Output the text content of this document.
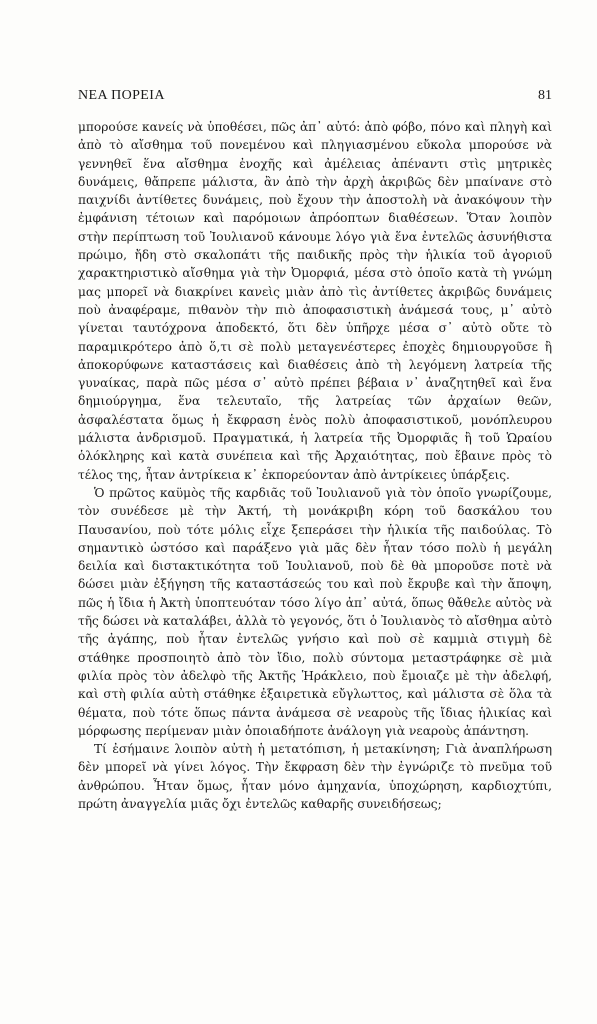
ΝΕΑ ΠΟΡΕΙΑ	81

μπορούσε κανείς νὰ ὑποθέσει, πῶς ἀπ᾽ αὐτό: ἀπὸ φόβο, πόνο καὶ πληγὴ καὶ ἀπὸ τὸ αἴσθημα τοῦ πονεμένου καὶ πληγιασμένου εὔκολα μπορούσε νὰ γεννηθεῖ ἕνα αἴσθημα ἐνοχῆς καὶ ἀμέλειας ἀπέναντι στὶς μητρικὲς δυνάμεις, θἄπρεπε μάλιστα, ἂν ἀπὸ τὴν ἀρχὴ ἀκριβῶς δὲν μπαίνανε στὸ παιχνίδι ἀντίθετες δυνάμεις, ποὺ ἔχουν τὴν ἀποστολὴ νὰ ἀνακόψουν τὴν ἐμφάνιση τέτοιων καὶ παρόμοιων ἀπρόοπτων διαθέσεων. Ὅταν λοιπὸν στὴν περίπτωση τοῦ Ἰουλιανοῦ κάνουμε λόγο γιὰ ἕνα ἐντελῶς ἀσυνήθιστα πρώιμο, ἤδη στὸ σκαλοπάτι τῆς παιδικῆς πρὸς τὴν ἡλικία τοῦ ἀγοριοῦ χαρακτηριστικὸ αἴσθημα γιὰ τὴν Ὀμορφιά, μέσα στὸ ὁποῖο κατὰ τὴ γνώμη μας μπορεῖ νὰ διακρίνει κανεὶς μιὰν ἀπὸ τὶς ἀντίθετες ἀκριβῶς δυνάμεις ποὺ ἀναφέραμε, πιθανὸν τὴν πιὸ ἀποφασιστικὴ ἀνάμεσά τους, μ᾽ αὐτὸ γίνεται ταυτόχρονα ἀποδεκτό, ὅτι δὲν ὑπῆρχε μέσα σ᾽ αὐτὸ οὔτε τὸ παραμικρότερο ἀπὸ ὅ,τι σὲ πολὺ μεταγενέστερες ἐποχὲς δημιουργοῦσε ἢ ἀποκορύφωνε καταστάσεις καὶ διαθέσεις ἀπὸ τὴ λεγόμενη λατρεία τῆς γυναίκας, παρὰ πῶς μέσα σ᾽ αὐτὸ πρέπει βέβαια ν᾽ ἀναζητηθεῖ καὶ ἕνα δημιούργημα, ἕνα τελευταῖο, τῆς λατρείας τῶν ἀρχαίων θεῶν, ἀσφαλέστατα ὅμως ἡ ἔκφραση ἑνὸς πολὺ ἀποφασιστικοῦ, μονόπλευρου μάλιστα ἀνδρισμοῦ. Πραγματικά, ἡ λατρεία τῆς Ὀμορφιᾶς ἢ τοῦ Ὡραίου ὁλόκληρης καὶ κατὰ συνέπεια καὶ τῆς Ἀρχαιότητας, ποὺ ἔβαινε πρὸς τὸ τέλος της, ἦταν ἀντρίκεια κ᾽ ἐκπορεύονταν ἀπὸ ἀντρίκειες ὑπάρξεις.

Ὁ πρῶτος καϋμὸς τῆς καρδιᾶς τοῦ Ἰουλιανοῦ γιὰ τὸν ὁποῖο γνωρίζουμε, τὸν συνέδεσε μὲ τὴν Ἀκτή, τὴ μονάκριβη κόρη τοῦ δασκάλου του Παυσανίου, ποὺ τότε μόλις εἶχε ξεπεράσει τὴν ἡλικία τῆς παιδούλας. Τὸ σημαντικὸ ὡστόσο καὶ παράξενο γιὰ μᾶς δὲν ἦταν τόσο πολὺ ἡ μεγάλη δειλία καὶ διστακτικότητα τοῦ Ἰουλιανοῦ, ποὺ δὲ θὰ μποροῦσε ποτὲ νὰ δώσει μιὰν ἐξήγηση τῆς καταστάσεώς του καὶ ποὺ ἔκρυβε καὶ τὴν ἄποψη, πῶς ἡ ἴδια ἡ Ἀκτὴ ὑποπτευόταν τόσο λίγο ἀπ᾽ αὐτά, ὅπως θἄθελε αὐτὸς νὰ τῆς δώσει νὰ καταλάβει, ἀλλὰ τὸ γεγονός, ὅτι ὁ Ἰουλιανὸς τὸ αἴσθημα αὐτὸ τῆς ἀγάπης, ποὺ ἦταν ἐντελῶς γνήσιο καὶ ποὺ σὲ καμμιὰ στιγμὴ δὲ στάθηκε προσποιητὸ ἀπὸ τὸν ἴδιο, πολὺ σύντομα μεταστράφηκε σὲ μιὰ φιλία πρὸς τὸν ἀδελφὸ τῆς Ἀκτῆς Ἡράκλειο, ποὺ ἔμοιαζε μὲ τὴν ἀδελφή, καὶ στὴ φιλία αὐτὴ στάθηκε ἐξαιρετικὰ εὔγλωττος, καὶ μάλιστα σὲ ὅλα τὰ θέματα, ποὺ τότε ὅπως πάντα ἀνάμεσα σὲ νεαροὺς τῆς ἴδιας ἡλικίας καὶ μόρφωσης περίμεναν μιὰν ὁποιαδήποτε ἀνάλογη γιὰ νεαροὺς ἀπάντηση.

Τί ἐσήμαινε λοιπὸν αὐτὴ ἡ μετατόπιση, ἡ μετακίνηση; Γιὰ ἀναπλήρωση δὲν μπορεῖ νὰ γίνει λόγος. Τὴν ἔκφραση δὲν τὴν ἐγνώριζε τὸ πνεῦμα τοῦ ἀνθρώπου. Ἦταν ὅμως, ἦταν μόνο ἀμηχανία, ὑποχώρηση, καρδιοχτύπι, πρώτη ἀναγγελία μιᾶς ὄχι ἐντελῶς καθαρῆς συνειδήσεως;
